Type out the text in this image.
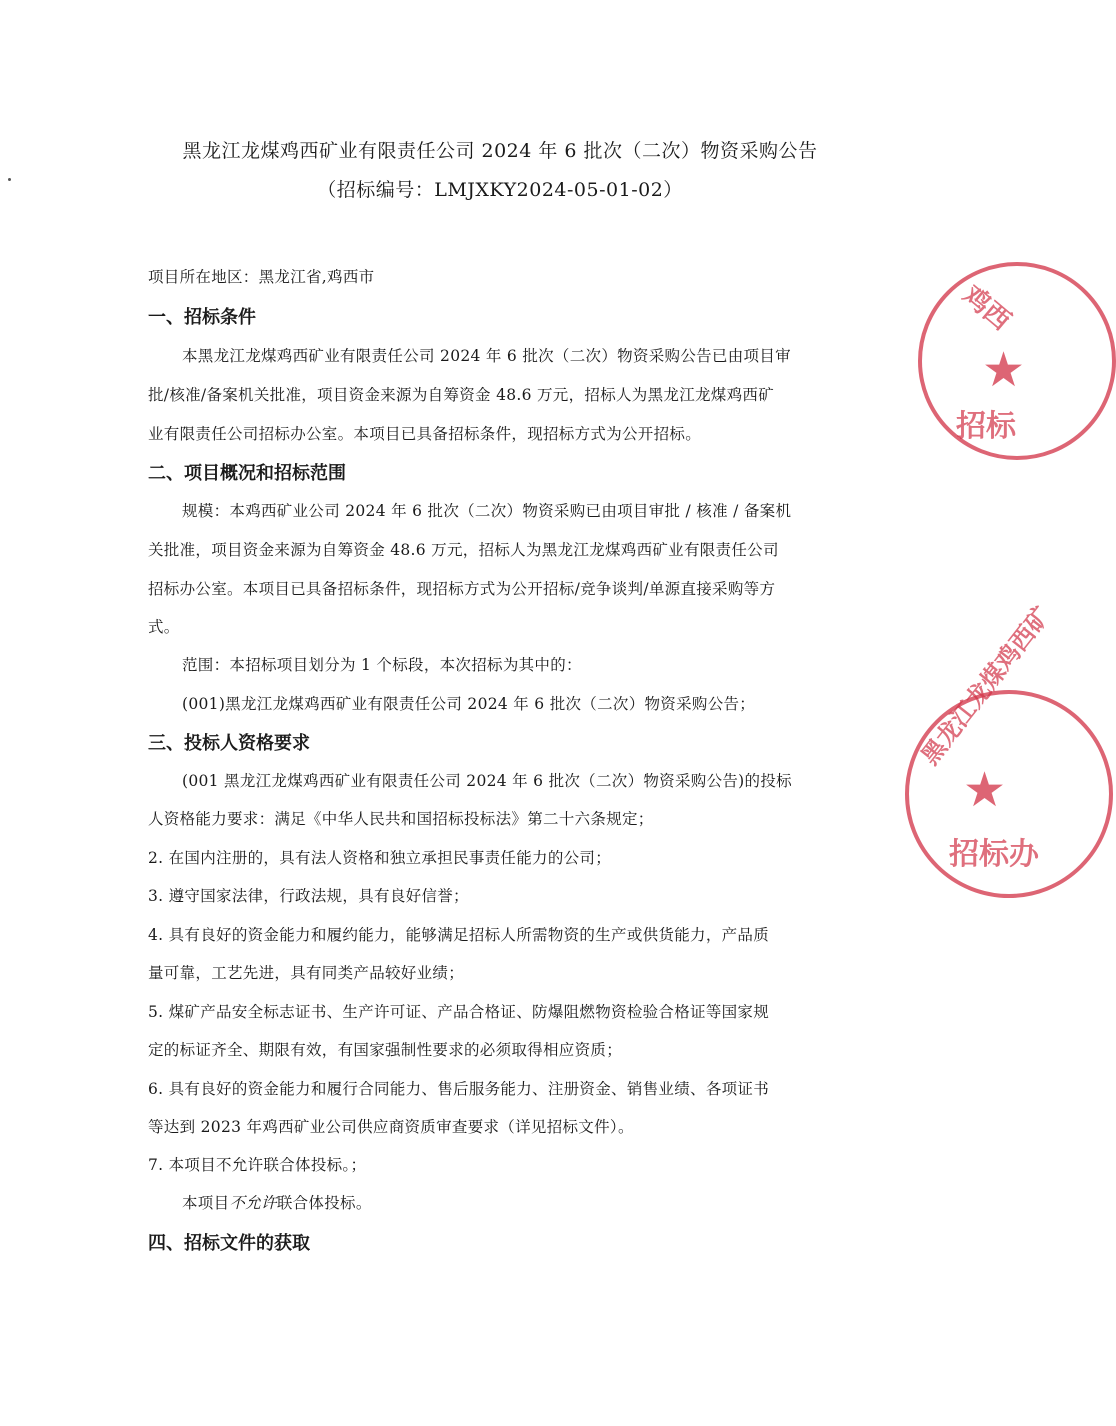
黑龙江龙煤鸡西矿业有限责任公司 2024 年 6 批次（二次）物资采购公告
（招标编号：LMJXKY2024-05-01-02）
项目所在地区：黑龙江省,鸡西市
一、招标条件
本黑龙江龙煤鸡西矿业有限责任公司 2024 年 6 批次（二次）物资采购公告已由项目审
批/核准/备案机关批准，项目资金来源为自筹资金 48.6 万元，招标人为黑龙江龙煤鸡西矿
业有限责任公司招标办公室。本项目已具备招标条件，现招标方式为公开招标。
二、项目概况和招标范围
规模：本鸡西矿业公司 2024 年 6 批次（二次）物资采购已由项目审批 / 核准 / 备案机
关批准，项目资金来源为自筹资金 48.6 万元，招标人为黑龙江龙煤鸡西矿业有限责任公司
招标办公室。本项目已具备招标条件，现招标方式为公开招标/竞争谈判/单源直接采购等方
式。
范围：本招标项目划分为 1 个标段，本次招标为其中的：
(001)黑龙江龙煤鸡西矿业有限责任公司 2024 年 6 批次（二次）物资采购公告；
三、投标人资格要求
(001 黑龙江龙煤鸡西矿业有限责任公司 2024 年 6 批次（二次）物资采购公告)的投标
人资格能力要求：满足《中华人民共和国招标投标法》第二十六条规定；
2. 在国内注册的，具有法人资格和独立承担民事责任能力的公司；
3. 遵守国家法律，行政法规，具有良好信誉；
4. 具有良好的资金能力和履约能力，能够满足招标人所需物资的生产或供货能力，产品质
量可靠，工艺先进，具有同类产品较好业绩；
5. 煤矿产品安全标志证书、生产许可证、产品合格证、防爆阻燃物资检验合格证等国家规
定的标证齐全、期限有效，有国家强制性要求的必须取得相应资质；
6. 具有良好的资金能力和履行合同能力、售后服务能力、注册资金、销售业绩、各项证书
等达到 2023 年鸡西矿业公司供应商资质审查要求（详见招标文件）。
7. 本项目不允许联合体投标。；
本项目不允许联合体投标。
四、招标文件的获取
鸡西
★
招标
黑龙江龙煤鸡西矿
★
招标办
